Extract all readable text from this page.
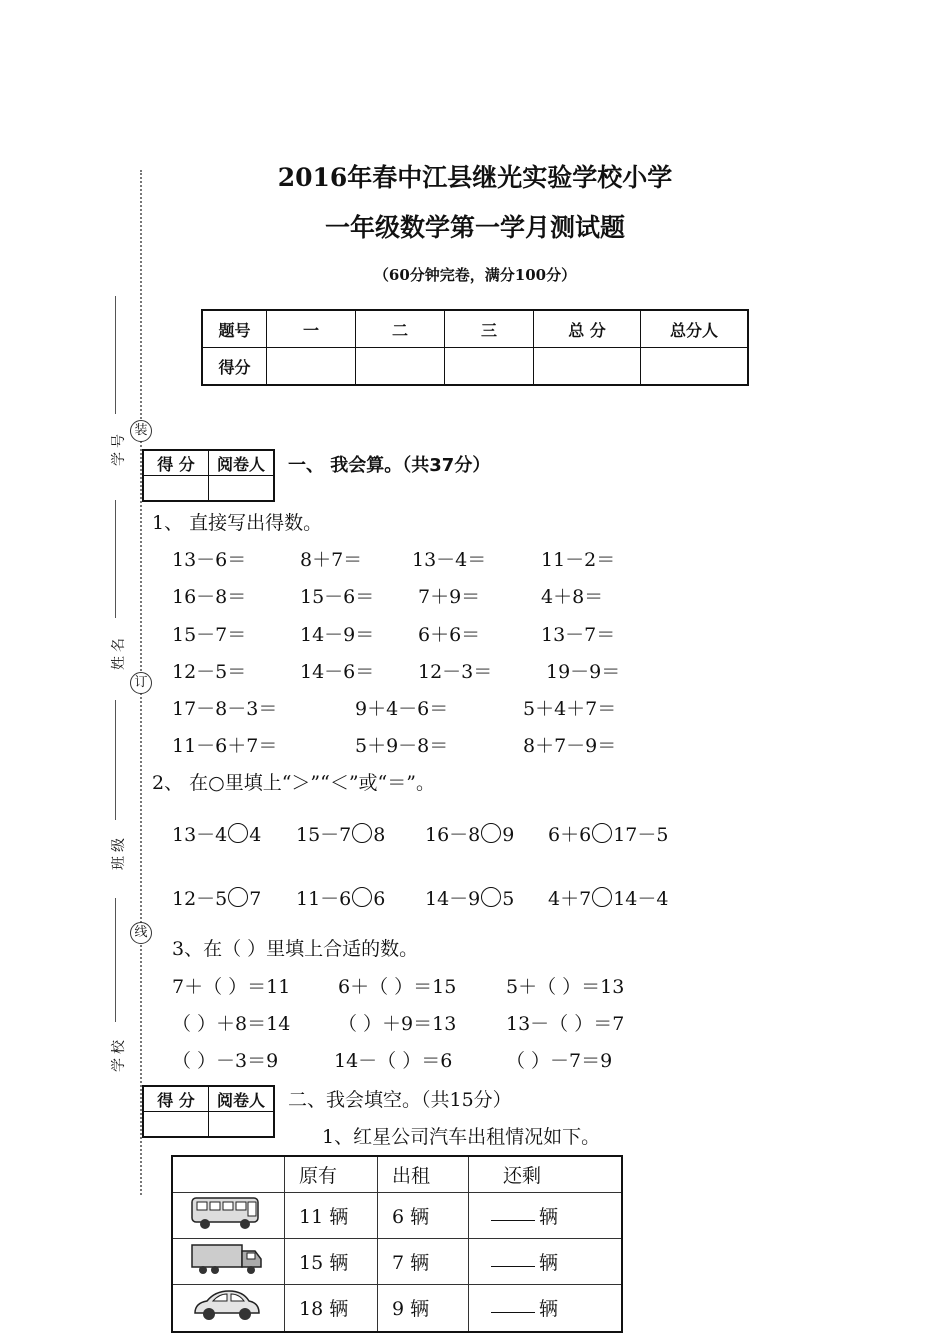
2016年春中江县继光实验学校小学
一年级数学第一学月测试题
（60分钟完卷，满分100分）
题号	一	二	三	总 分	总分人
得分					
装
订
线
学号
姓名
班级
学校
得 分	阅卷人
	一、 我会算。（共37分）
1、 直接写出得数。
13－6＝	8＋7＝	13－4＝	11－2＝
16－8＝	15－6＝ 7＋9＝	4＋8＝
15－7＝	14－9＝ 6＋6＝	13－7＝
12－5＝	14－6＝ 12－3＝	19－9＝
17－8－3＝	9＋4－6＝	5＋4＋7＝
11－6＋7＝	5＋9－8＝	8＋7－9＝
2、 在○里填上“＞”“＜”或“＝”。
13－4 4 15－7 8 16－8 9 6＋6 17－5
12－5 7 11－6 6 14－9 5 4＋7 14－4
3、在（ ）里填上合适的数。
7＋（ ）＝11	6＋（ ）＝15	5＋（ ）＝13
（ ）＋8＝14	（ ）＋9＝13	13－（ ）＝7
（ ）－3＝9	14－（ ）＝6	（ ）－7＝9
得 分	阅卷人
	二、我会填空。（共15分）
1、红星公司汽车出租情况如下。
	原有	出租	还剩
	11 辆	6 辆	辆
	15 辆	7 辆	辆
	18 辆	9 辆	辆
